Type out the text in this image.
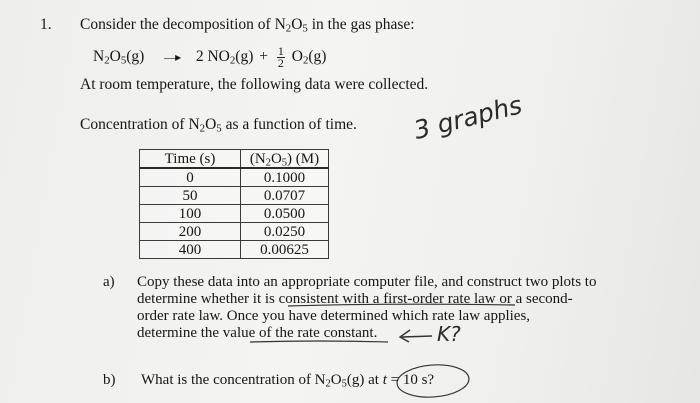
1. Consider the decomposition of $N_2O_5$ in the gas phase:
$N_2O_5(g)$ —▸ 2 $NO_2(g) + \frac{1}{2} O_2(g)$
At room temperature, the following data were collected.
Concentration of $N_2O_5$ as a function of time.
Time (s)	$(N_2O_5)$ (M)
0	0.1000
50	0.0707
100	0.0500
200	0.0250
400	0.00625
3 graphs
a) Copy these data into an appropriate computer file, and construct two plots to
determine whether it is consistent with a first-order rate law or a second-
order rate law. Once you have determined which rate law applies,
determine the value of the rate constant.	K?
b) What is the concentration of $N_2O_5(g)$ at t = 10 s?
